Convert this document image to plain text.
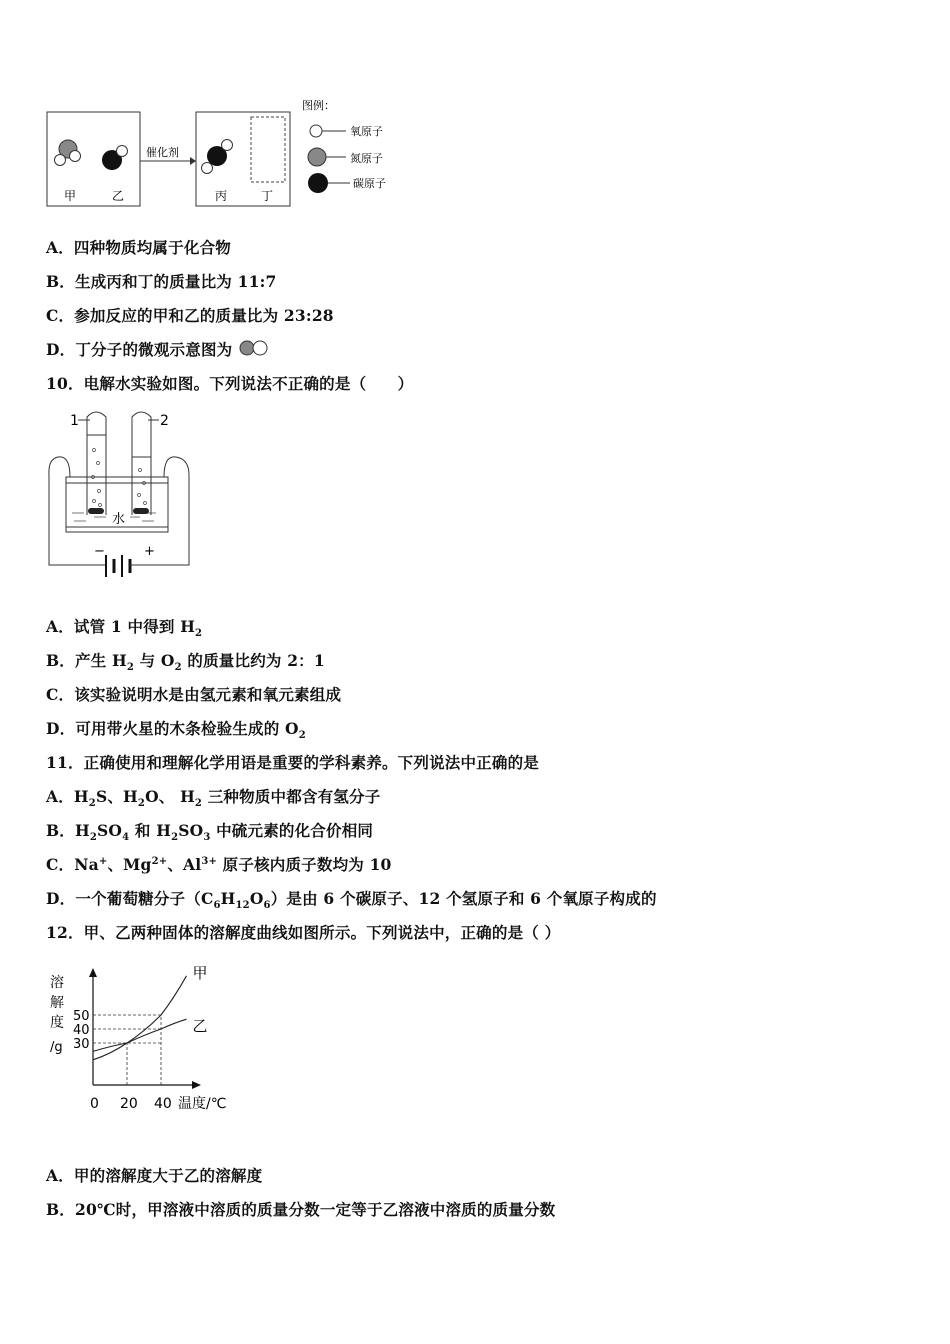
甲	乙
催化剂
丙	丁
图例：
氧原子
氮原子
碳原子
A．四种物质均属于化合物
B．生成丙和丁的质量比为 11:7
C．参加反应的甲和乙的质量比为 23:28
D．丁分子的微观示意图为
10．电解水实验如图。下列说法不正确的是（　　）
水
1	2
−	+
A．试管 1 中得到 $H_2$
B．产生 $H_2$ 与 $O_2$ 的质量比约为 2：1
C．该实验说明水是由氢元素和氧元素组成
D．可用带火星的木条检验生成的 $O_2$
11．正确使用和理解化学用语是重要的学科素养。下列说法中正确的是
A．$H_2S$、$H_2O$、 $H_2$ 三种物质中都含有氢分子
B．$H_2SO_4$ 和 $H_2SO_3$ 中硫元素的化合价相同
C．Na+、$Mg^{2+}$、$Al^{3+}$ 原子核内质子数均为 10
D．一个葡萄糖分子$(C_6H_{12}O_6)$是由 6 个碳原子、12 个氢原子和 6 个氧原子构成的
12．甲、乙两种固体的溶解度曲线如图所示。下列说法中，正确的是（ ）
溶
解
度
/g
温度/℃
0 20 40
30
40
50
甲
乙
A．甲的溶解度大于乙的溶解度
B．20℃时，甲溶液中溶质的质量分数一定等于乙溶液中溶质的质量分数
